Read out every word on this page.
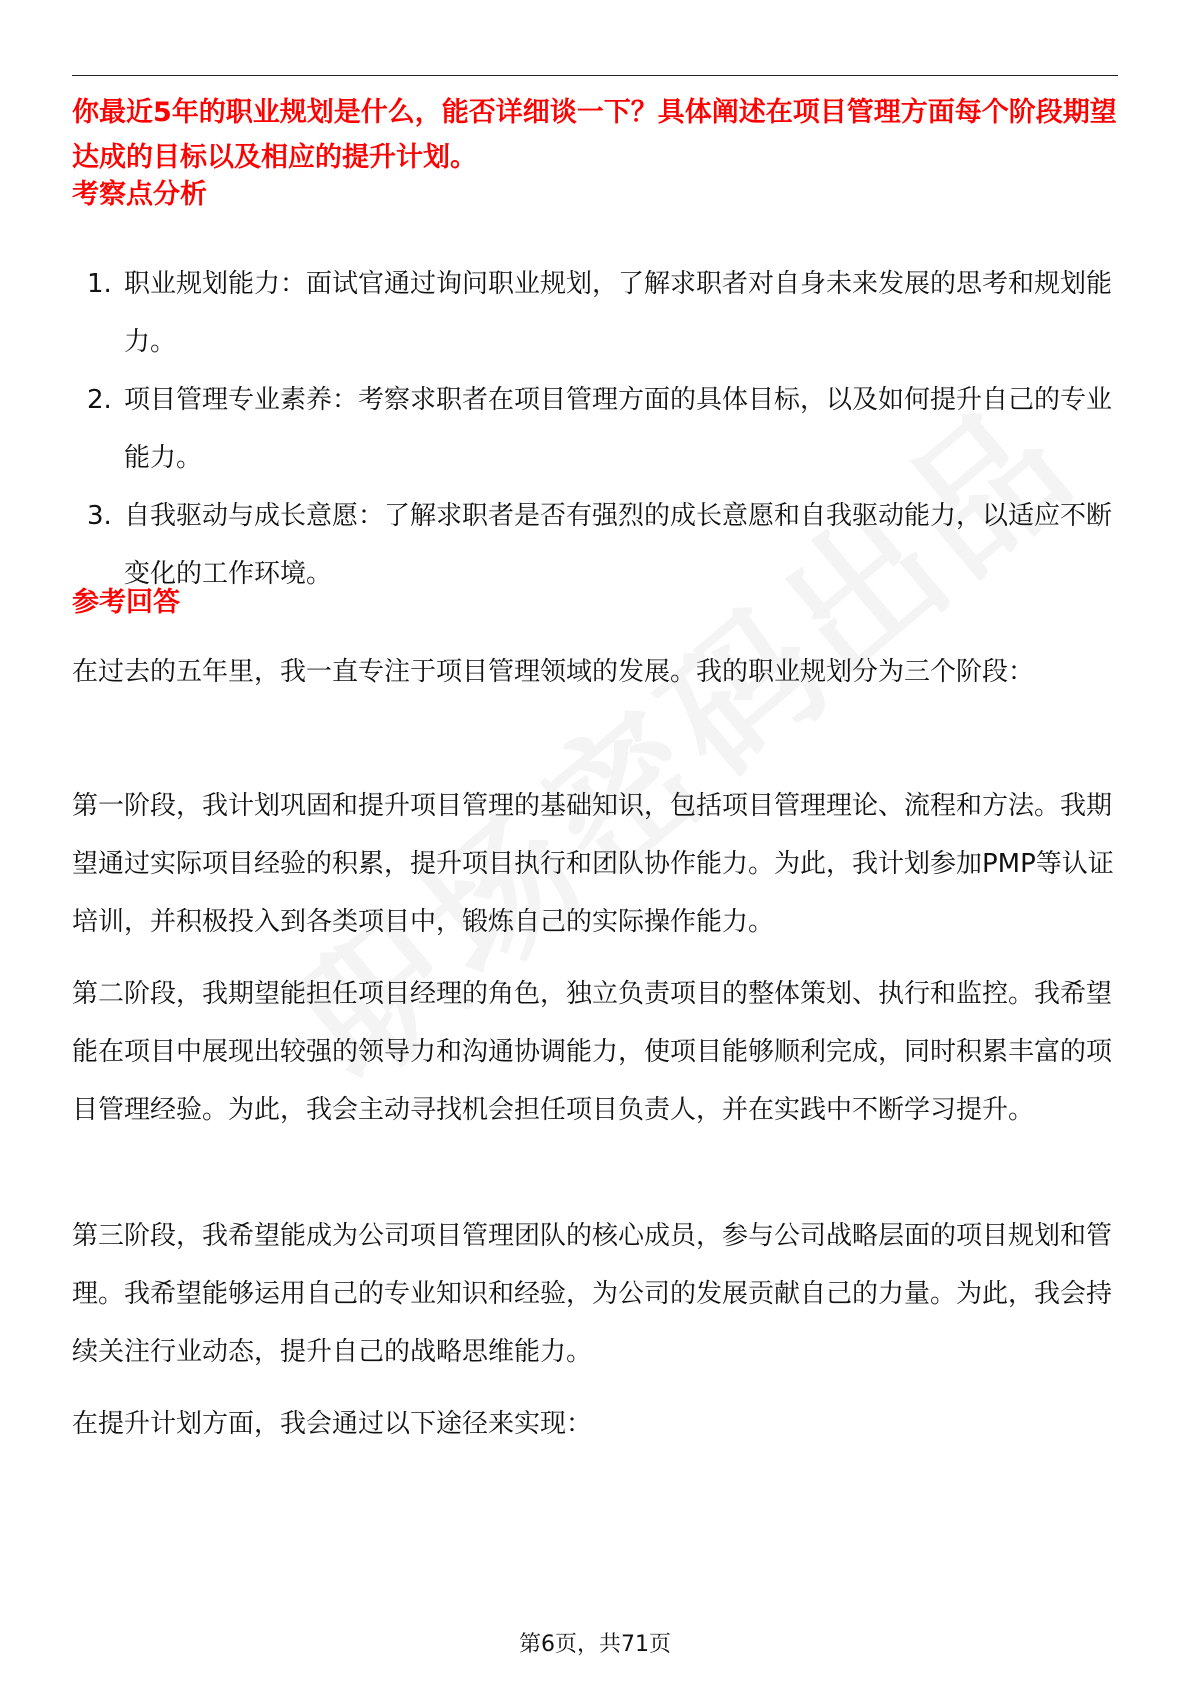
你最近5年的职业规划是什么，能否详细谈一下？具体阐述在项目管理方面每个阶段期望达成的目标以及相应的提升计划。

考察点分析
1. 职业规划能力：面试官通过询问职业规划，了解求职者对自身未来发展的思考和规划能力。
2. 项目管理专业素养：考察求职者在项目管理方面的具体目标，以及如何提升自己的专业能力。
3. 自我驱动与成长意愿：了解求职者是否有强烈的成长意愿和自我驱动能力，以适应不断变化的工作环境。
参考回答

在过去的五年里，我一直专注于项目管理领域的发展。我的职业规划分为三个阶段：

第一阶段，我计划巩固和提升项目管理的基础知识，包括项目管理理论、流程和方法。我期望通过实际项目经验的积累，提升项目执行和团队协作能力。为此，我计划参加PMP等认证培训，并积极投入到各类项目中，锻炼自己的实际操作能力。

第二阶段，我期望能担任项目经理的角色，独立负责项目的整体策划、执行和监控。我希望能在项目中展现出较强的领导力和沟通协调能力，使项目能够顺利完成，同时积累丰富的项目管理经验。为此，我会主动寻找机会担任项目负责人，并在实践中不断学习提升。

第三阶段，我希望能成为公司项目管理团队的核心成员，参与公司战略层面的项目规划和管理。我希望能够运用自己的专业知识和经验，为公司的发展贡献自己的力量。为此，我会持续关注行业动态，提升自己的战略思维能力。

在提升计划方面，我会通过以下途径来实现：

第6页，共71页
